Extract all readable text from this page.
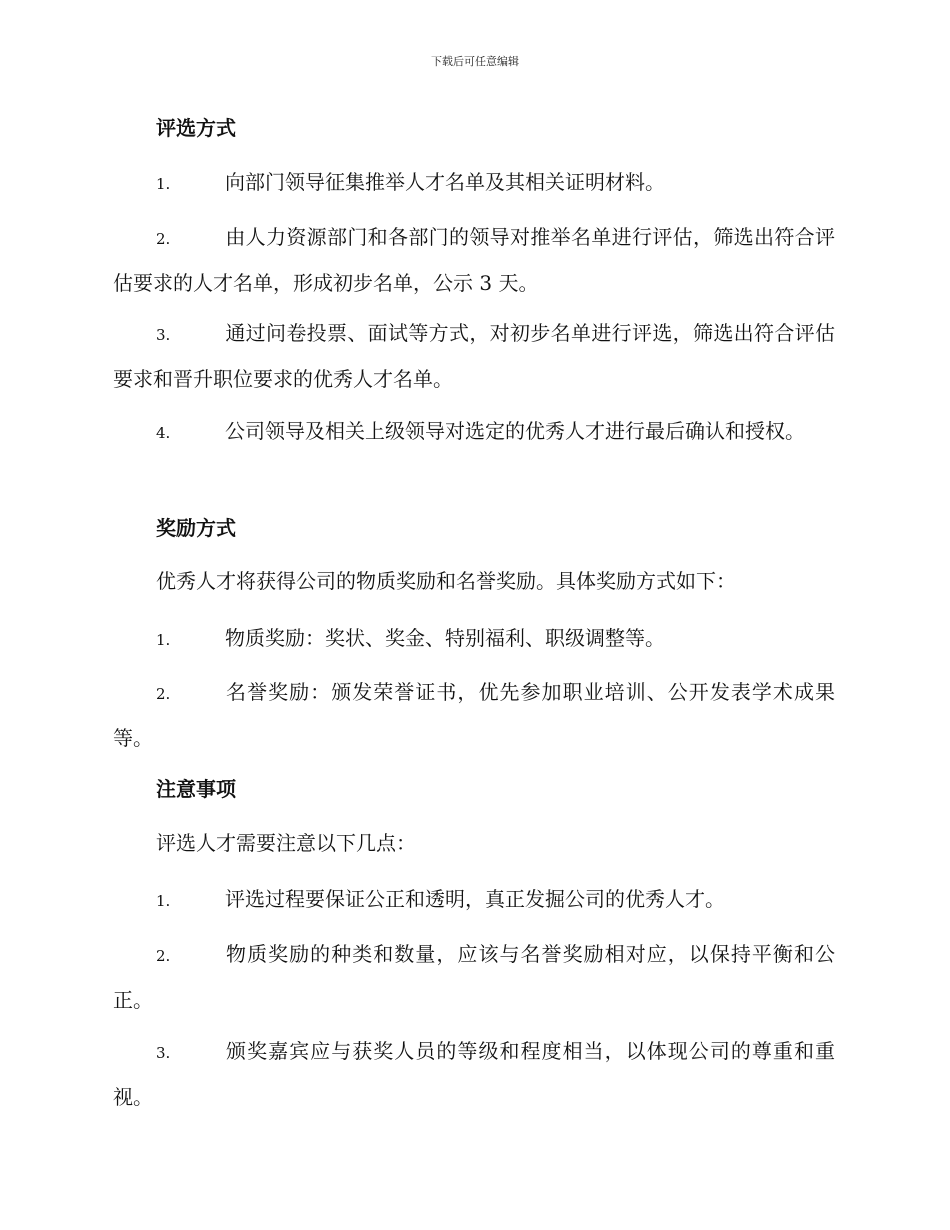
下载后可任意编辑
评选方式
1.	向部门领导征集推举人才名单及其相关证明材料。
2.	由人力资源部门和各部门的领导对推举名单进行评估，筛选出符合评估要求的人才名单，形成初步名单，公示 3 天。
3.	通过问卷投票、面试等方式，对初步名单进行评选，筛选出符合评估要求和晋升职位要求的优秀人才名单。
4.	公司领导及相关上级领导对选定的优秀人才进行最后确认和授权。
奖励方式
优秀人才将获得公司的物质奖励和名誉奖励。具体奖励方式如下：
1.	物质奖励：奖状、奖金、特别福利、职级调整等。
2.	名誉奖励：颁发荣誉证书，优先参加职业培训、公开发表学术成果等。
注意事项
评选人才需要注意以下几点：
1.	评选过程要保证公正和透明，真正发掘公司的优秀人才。
2.	物质奖励的种类和数量，应该与名誉奖励相对应，以保持平衡和公正。
3.	颁奖嘉宾应与获奖人员的等级和程度相当，以体现公司的尊重和重视。
